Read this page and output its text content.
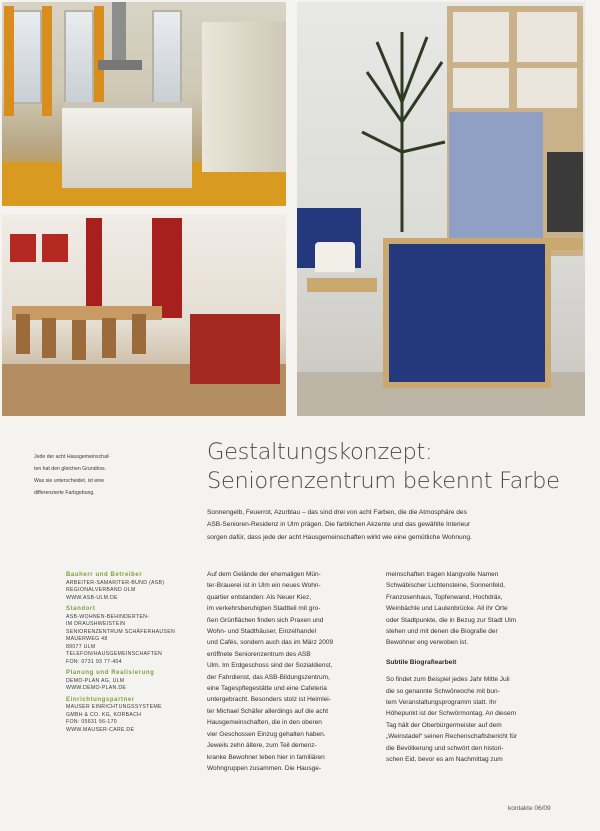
Jede der acht Hausgemeinschaf-

ten hat den gleichen Grundriss.

Was sie unterscheidet, ist eine

differenzierte Farbgebung.

Gestaltungskonzept:

Seniorenzentrum bekennt Farbe

Sonnengelb, Feuerrot, Azurblau – das sind drei von acht Farben, die die Atmosphäre des

ASB-Senioren-Residenz in Ulm prägen. Die farblichen Akzente und das gewählte Interieur

sorgen dafür, dass jede der acht Hausgemeinschaften wirkt wie eine gemütliche Wohnung.

Bauherr und Betreiber
ARBEITER-SAMARITER-BUND (ASB)
REGIONALVERBAND ULM
WWW.ASB-ULM.DE
Standort
ASB-WOHNEN-BEHINDERTEN-
IM DRAUSHWEISTEIN
SENIORENZENTRUM SCHÄFERHAUSEN
MAUERWEG 48
89077 ULM
TELEFON/HAUSGEMEINSCHAFTEN
FON: 0731 93 77-404
Planung und Realisierung
DEMO-PLAN AG, ULM
WWW.DEMO-PLAN.DE
Einrichtungspartner
MAUSER EINRICHTUNGSSYSTEME
GMBH & CO. KG, KORBACH
FON: 05631 56-170
WWW.MAUSER-CARE.DE

Auf dem Gelände der ehemaligen Mün-

ter-Brauerei ist in Ulm ein neues Wohn-

quartier entstanden: Als Neuer Kiez,

im verkehrsberuhigten Stadtteil mit gro-

ßen Grünflächen finden sich Praxen und

Wohn- und Stadthäuser, Einzelhandel

und Cafés, sondern auch das im März 2009

eröffnete Seniorenzentrum des ASB

Ulm. Im Erdgeschoss sind der Sozialdienst,

der Fahrdienst, das ASB-Bildungszentrum,

eine Tagespflegestätte und eine Cafeteria

untergebracht. Besonders stolz ist Heimlei-

ter Michael Schäfer allerdings auf die acht

Hausgemeinschaften, die in den oberen

vier Geschossen Einzug gehalten haben.

Jeweils zehn ältere, zum Teil demenz-

kranke Bewohner leben hier in familiären

Wohngruppen zusammen. Die Hausge-

meinschaften tragen klangvolle Namen

Schwäbischer Lichtensteine, Sonnenfeld,

Franzosenhaus, Topfenwand, Hochdräx,

Weinbächle und Lautenbrücke. All ihr Orte

oder Stadtpunkte, die in Bezug zur Stadt Ulm

stehen und mit denen die Biografie der

Bewohner eng verwoben ist.

Subtile Biografiearbeit

So findet zum Beispiel jedes Jahr Mitte Juli

die so genannte Schwörwoche mit bun-

tem Veranstaltungsprogramm statt. Ihr

Höhepunkt ist der Schwörmontag. An diesem

Tag hält der Oberbürgermeister auf dem

„Weinstadel“ seinen Rechenschaftsbericht für

die Bevölkerung und schwört den histori-

schen Eid, bevor es am Nachmittag zum

kontakte 06/09
